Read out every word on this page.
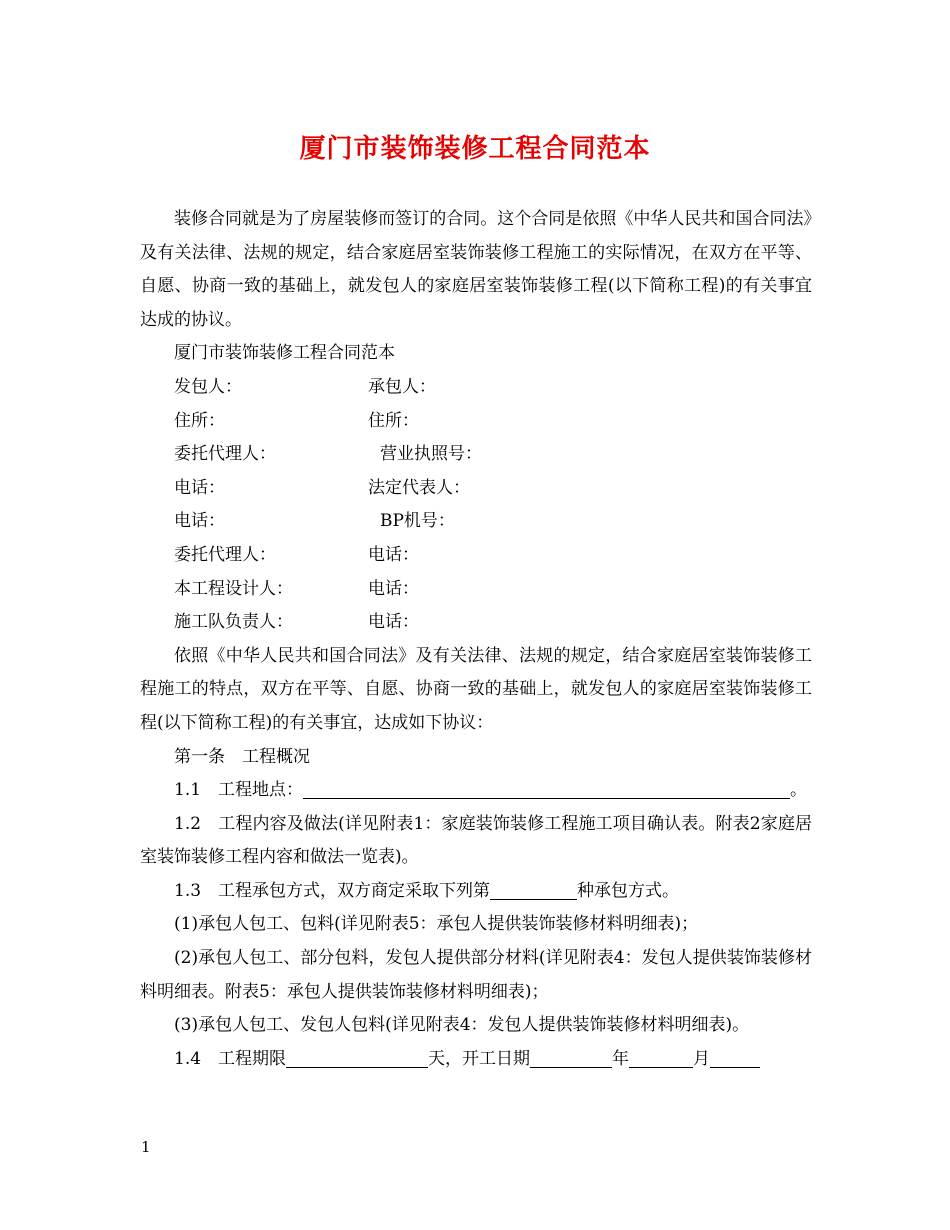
厦门市装饰装修工程合同范本

装修合同就是为了房屋装修而签订的合同。这个合同是依照《中华人民共和国合同法》及有关法律、法规的规定，结合家庭居室装饰装修工程施工的实际情况，在双方在平等、自愿、协商一致的基础上，就发包人的家庭居室装饰装修工程(以下简称工程)的有关事宜达成的协议。

厦门市装饰装修工程合同范本

发包人：	承包人：
住所：	住所：
委托代理人：	营业执照号：
电话：	法定代表人：
电话：	BP机号：
委托代理人：	电话：
本工程设计人：	电话：
施工队负责人：	电话：

依照《中华人民共和国合同法》及有关法律、法规的规定，结合家庭居室装饰装修工程施工的特点，双方在平等、自愿、协商一致的基础上，就发包人的家庭居室装饰装修工程(以下简称工程)的有关事宜，达成如下协议：

第一条　工程概况

1.1　工程地点：	。

1.2　工程内容及做法(详见附表1：家庭装饰装修工程施工项目确认表。附表2家庭居室装饰装修工程内容和做法一览表)。

1.3　工程承包方式，双方商定采取下列第	种承包方式。

(1)承包人包工、包料(详见附表5：承包人提供装饰装修材料明细表)；

(2)承包人包工、部分包料，发包人提供部分材料(详见附表4：发包人提供装饰装修材料明细表。附表5：承包人提供装饰装修材料明细表)；

(3)承包人包工、发包人包料(详见附表4：发包人提供装饰装修材料明细表)。

1.4　工程期限	天，开工日期	年	月

1
